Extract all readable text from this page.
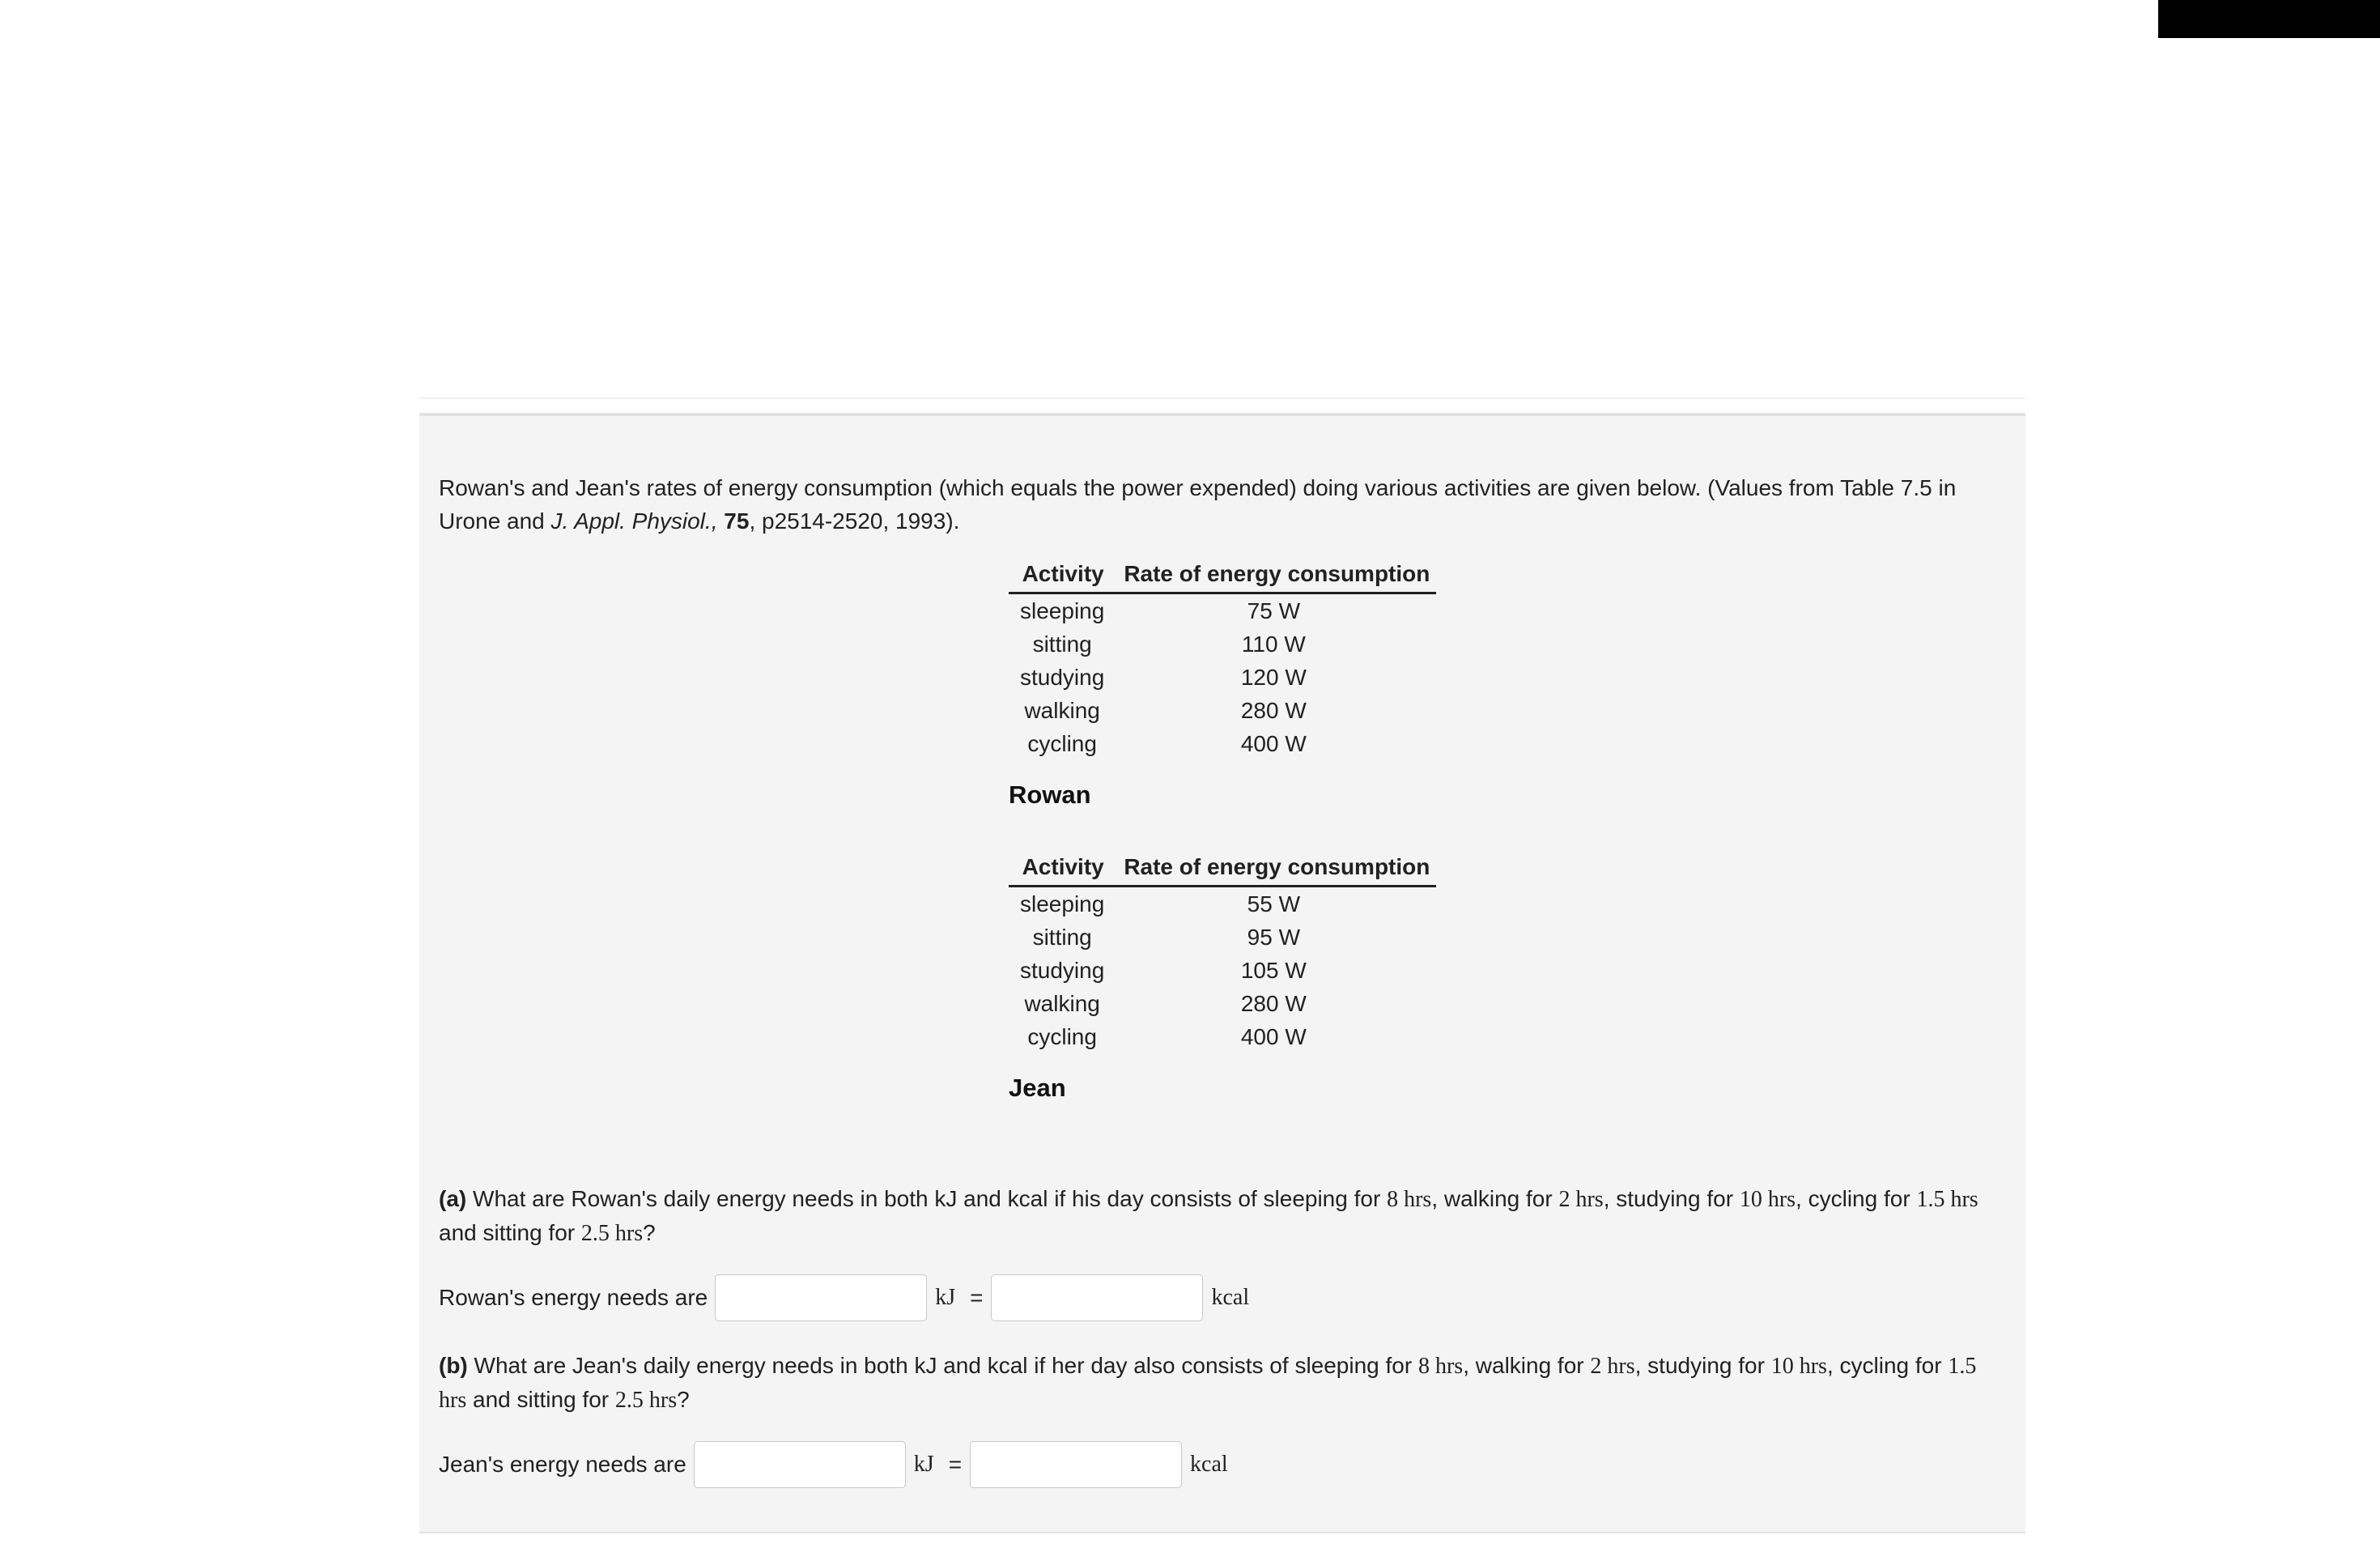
Rowan's and Jean's rates of energy consumption (which equals the power expended) doing various activities are given below. (Values from Table 7.5 in Urone and J. Appl. Physiol., 75, p2514-2520, 1993).
Activity	Rate of energy consumption
sleeping	75 W
sitting	110 W
studying	120 W
walking	280 W
cycling	400 W
Rowan
Activity	Rate of energy consumption
sleeping	55 W
sitting	95 W
studying	105 W
walking	280 W
cycling	400 W
Jean
(a) What are Rowan's daily energy needs in both kJ and kcal if his day consists of sleeping for 8 hrs, walking for 2 hrs, studying for 10 hrs, cycling for 1.5 hrs and sitting for 2.5 hrs?
Rowan's energy needs are	kJ =	kcal
(b) What are Jean's daily energy needs in both kJ and kcal if her day also consists of sleeping for 8 hrs, walking for 2 hrs, studying for 10 hrs, cycling for 1.5 hrs and sitting for 2.5 hrs?
Jean's energy needs are	kJ =	kcal
